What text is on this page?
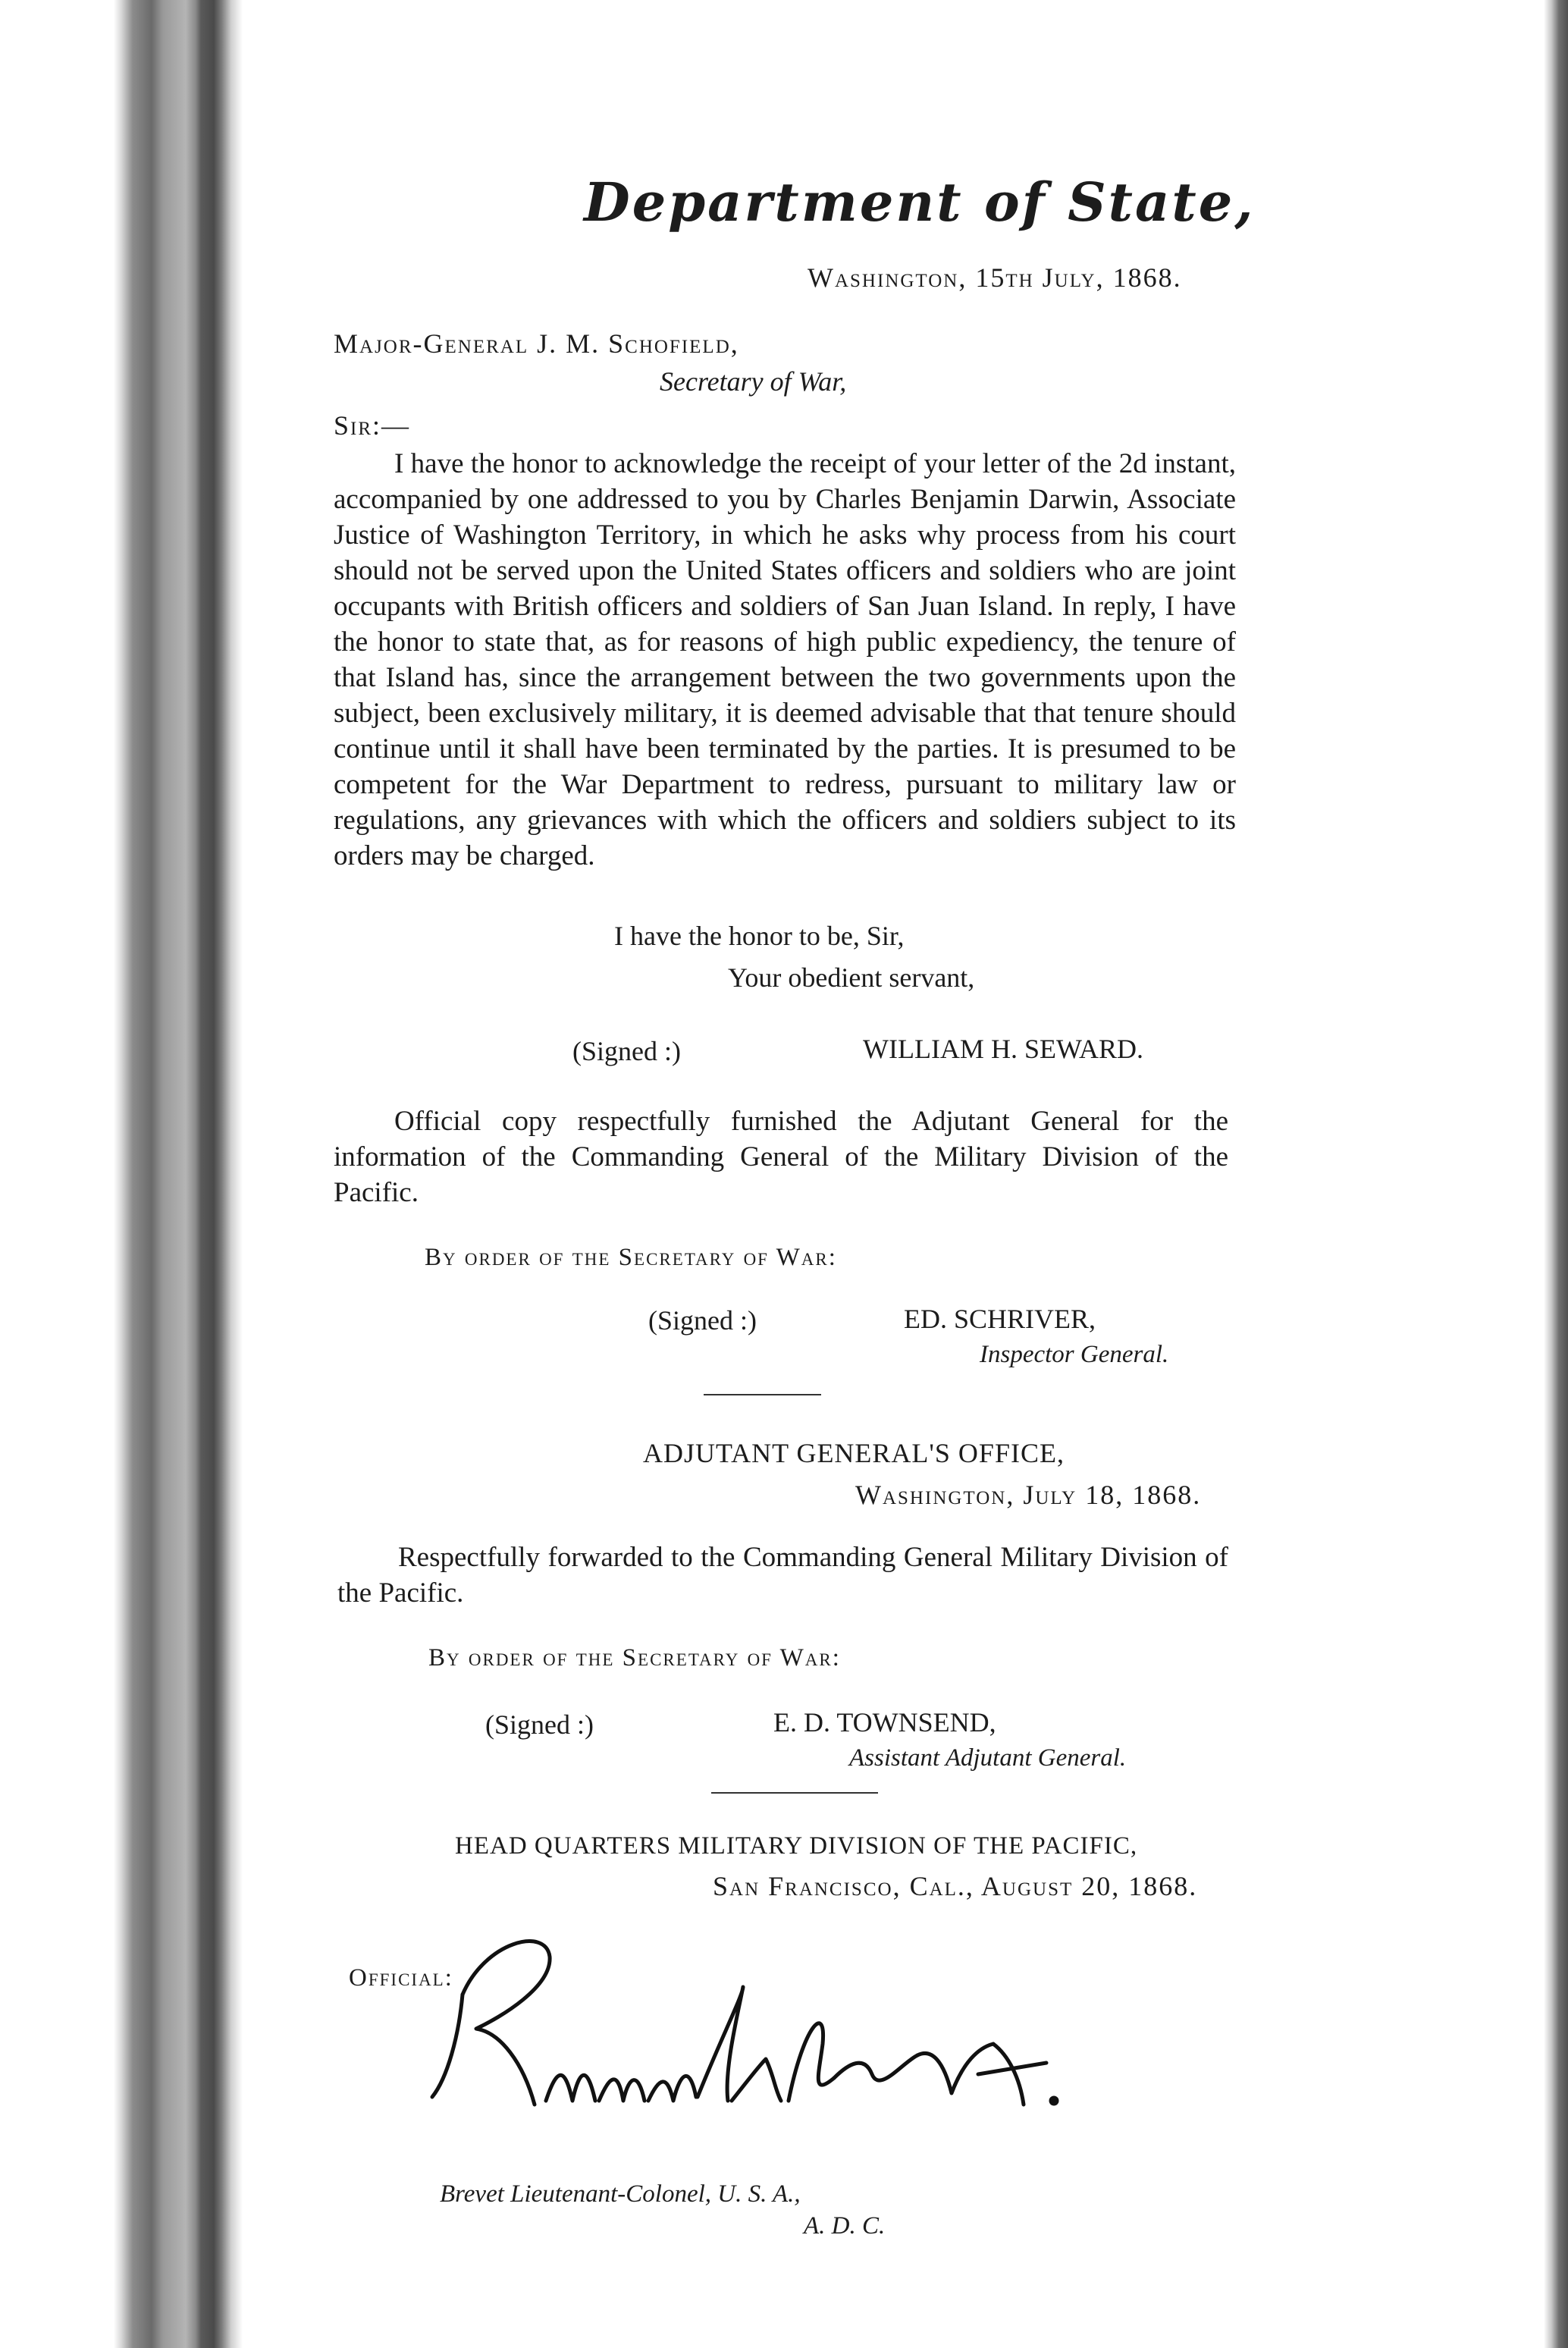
Department of State,
Washington, 15th July, 1868.
Major-General J. M. Schofield,
Secretary of War,
Sir:—
I have the honor to acknowledge the receipt of your letter of the 2d instant, accompanied by one addressed to you by Charles Benjamin Darwin, Associate Justice of Washington Territory, in which he asks why process from his court should not be served upon the United States officers and soldiers who are joint occupants with British officers and soldiers of San Juan Island. In reply, I have the honor to state that, as for reasons of high public expediency, the tenure of that Island has, since the arrangement between the two governments upon the subject, been exclusively military, it is deemed advisable that that tenure should continue until it shall have been terminated by the parties. It is presumed to be competent for the War Department to redress, pursuant to military law or regulations, any grievances with which the officers and soldiers subject to its orders may be charged.
I have the honor to be, Sir,
Your obedient servant,
(Signed :)	WILLIAM H. SEWARD.
Official copy respectfully furnished the Adjutant General for the information of the Commanding General of the Military Division of the Pacific.
By order of the Secretary of War:
(Signed :)	ED. SCHRIVER,
Inspector General.
ADJUTANT GENERAL'S OFFICE,
Washington, July 18, 1868.
Respectfully forwarded to the Commanding General Military Division of the Pacific.
By order of the Secretary of War:
(Signed :)	E. D. TOWNSEND,
Assistant Adjutant General.
HEAD QUARTERS MILITARY DIVISION OF THE PACIFIC,
San Francisco, Cal., August 20, 1868.
Official:
Brevet Lieutenant-Colonel, U. S. A.,
A. D. C.
